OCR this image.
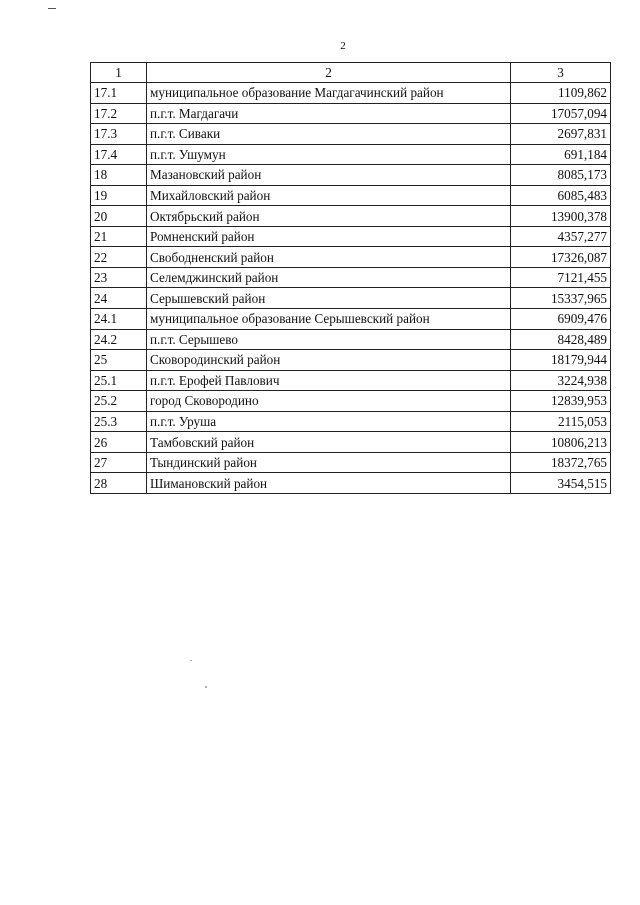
2
1	2	3
17.1	муниципальное образование Магдагачинский район	1109,862
17.2	п.г.т. Магдагачи	17057,094
17.3	п.г.т. Сиваки	2697,831
17.4	п.г.т. Ушумун	691,184
18	Мазановский район	8085,173
19	Михайловский район	6085,483
20	Октябрьский район	13900,378
21	Ромненский район	4357,277
22	Свободненский район	17326,087
23	Селемджинский район	7121,455
24	Серышевский район	15337,965
24.1	муниципальное образование Серышевский район	6909,476
24.2	п.г.т. Серышево	8428,489
25	Сковородинский район	18179,944
25.1	п.г.т. Ерофей Павлович	3224,938
25.2	город Сковородино	12839,953
25.3	п.г.т. Уруша	2115,053
26	Тамбовский район	10806,213
27	Тындинский район	18372,765
28	Шимановский район	3454,515
